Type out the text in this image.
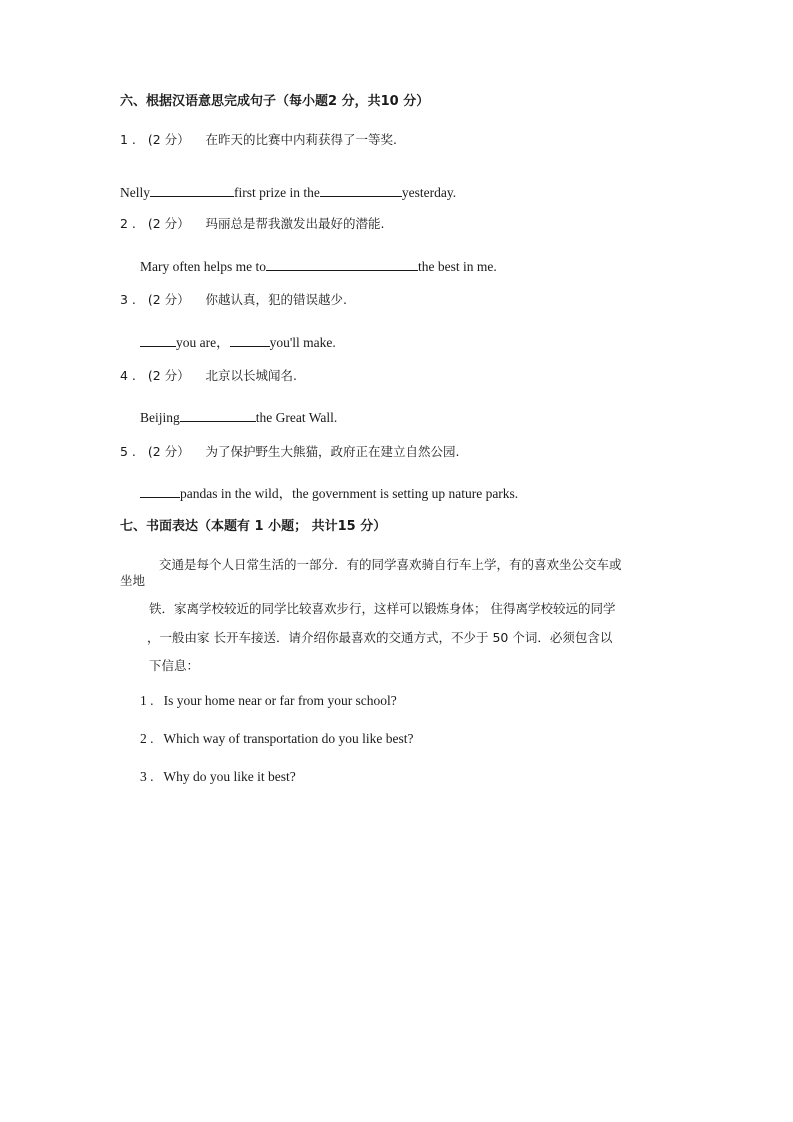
六、根据汉语意思完成句子（每小题2 分，共10 分）
1 . (2 分） 在昨天的比赛中内莉获得了一等奖.
Nelly	first prize in the	yesterday.
2 . (2 分） 玛丽总是帮我激发出最好的潜能.
Mary often helps me to	the best in me.
3 . (2 分） 你越认真，犯的错误越少.
you are，	you'll make.
4 . (2 分） 北京以长城闻名.
Beijing	the Great Wall.
5 . (2 分） 为了保护野生大熊猫，政府正在建立自然公园.
pandas in the wild，the government is setting up nature parks.
七、书面表达（本题有 1 小题； 共计15 分）
交通是每个人日常生活的一部分．有的同学喜欢骑自行车上学，有的喜欢坐公交车或
坐地
铁．家离学校较近的同学比较喜欢步行，这样可以锻炼身体； 住得离学校较远的同学
，一般由家 长开车接送．请介绍你最喜欢的交通方式，不少于 50 个词．必须包含以
下信息：
1 . Is your home near or far from your school?
2 . Which way of transportation do you like best?
3 . Why do you like it best?
